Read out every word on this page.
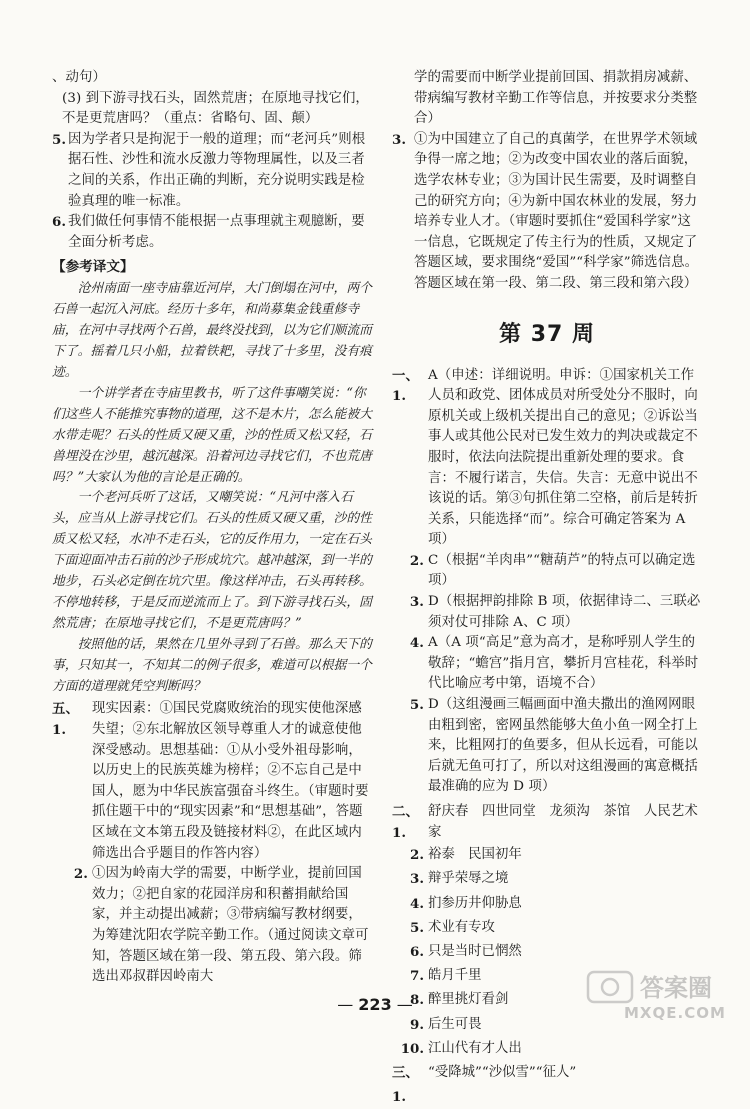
、动句）

(3) 到下游寻找石头，固然荒唐；在原地寻找它们，不是更荒唐吗？（重点：省略句、固、颠）
5. 因为学者只是拘泥于一般的道理；而“老河兵”则根据石性、沙性和流水反激力等物理属性，以及三者之间的关系，作出正确的判断，充分说明实践是检验真理的唯一标准。
6. 我们做任何事情不能根据一点事理就主观臆断，要全面分析考虑。
【参考译文】

沧州南面一座寺庙靠近河岸，大门倒塌在河中，两个石兽一起沉入河底。经历十多年，和尚募集金钱重修寺庙，在河中寻找两个石兽，最终没找到，以为它们顺流而下了。摇着几只小船，拉着铁耙，寻找了十多里，没有痕迹。

一个讲学者在寺庙里教书，听了这件事嘲笑说：“你们这些人不能推究事物的道理，这不是木片，怎么能被大水带走呢？石头的性质又硬又重，沙的性质又松又轻，石兽埋没在沙里，越沉越深。沿着河边寻找它们，不也荒唐吗？”大家认为他的言论是正确的。

一个老河兵听了这话，又嘲笑说：“凡河中落入石头，应当从上游寻找它们。石头的性质又硬又重，沙的性质又松又轻，水冲不走石头，它的反作用力，一定在石头下面迎面冲击石前的沙子形成坑穴。越冲越深，到一半的地步，石头必定倒在坑穴里。像这样冲击，石头再转移。不停地转移，于是反而逆流而上了。到下游寻找石头，固然荒唐；在原地寻找它们，不是更荒唐吗？”

按照他的话，果然在几里外寻到了石兽。那么天下的事，只知其一，不知其二的例子很多，难道可以根据一个方面的道理就凭空判断吗？

五、1.
现实因素：①国民党腐败统治的现实使他深感失望；②东北解放区领导尊重人才的诚意使他深受感动。思想基础：①从小受外祖母影响，以历史上的民族英雄为榜样；②不忘自己是中国人，愿为中华民族富强奋斗终生。（审题时要抓住题干中的“现实因素”和“思想基础”，答题区域在文本第五段及链接材料②，在此区域内筛选出合乎题目的作答内容）
2. ①因为岭南大学的需要，中断学业，提前回国效力；②把自家的花园洋房和积蓄捐献给国家，并主动提出减薪；③带病编写教材纲要，为筹建沈阳农学院辛勤工作。（通过阅读文章可知，答题区域在第一段、第五段、第六段。筛选出邓叔群因岭南大

学的需要而中断学业提前回国、捐款捐房减薪、带病编写教材辛勤工作等信息，并按要求分类整合）

3. ①为中国建立了自己的真菌学，在世界学术领域争得一席之地；②为改变中国农业的落后面貌，选学农林专业；③为国计民生需要，及时调整自己的研究方向；④为新中国农林业的发展，努力培养专业人才。（审题时要抓住“爱国科学家”这一信息，它既规定了传主行为的性质，又规定了答题区域，要求围绕“爱国”“科学家”筛选信息。答题区域在第一段、第二段、第三段和第六段）
第 37 周
一、1.
A（申述：详细说明。申诉：①国家机关工作人员和政党、团体成员对所受处分不服时，向原机关或上级机关提出自己的意见；②诉讼当事人或其他公民对已发生效力的判决或裁定不服时，依法向法院提出重新处理的要求。食言：不履行诺言，失信。失言：无意中说出不该说的话。第③句抓住第二空格，前后是转折关系，只能选择“而”。综合可确定答案为 A 项）
2. C（根据“羊肉串”“糖葫芦”的特点可以确定选项）
3. D（根据押韵排除 B 项，依据律诗二、三联必须对仗可排除 A、C 项）
4. A（A 项“高足”意为高才，是称呼别人学生的敬辞；“蟾宫”指月宫，攀折月宫桂花，科举时代比喻应考中第，语境不合）
5. D（这组漫画三幅画面中渔夫撒出的渔网网眼由粗到密，密网虽然能够大鱼小鱼一网全打上来，比粗网打的鱼要多，但从长远看，可能以后就无鱼可打了，所以对这组漫画的寓意概括最准确的应为 D 项）
二、1.
舒庆春　四世同堂　龙须沟　茶馆　人民艺术家
2. 裕泰　民国初年
3. 辩乎荣辱之境
4. 扪参历井仰胁息
5. 术业有专攻
6. 只是当时已惘然
7. 皓月千里
8. 醉里挑灯看剑
9. 后生可畏
10. 江山代有才人出
三、1.
“受降城”“沙似雪”“征人”
— 223 —
答案圈
MXQE.COM
